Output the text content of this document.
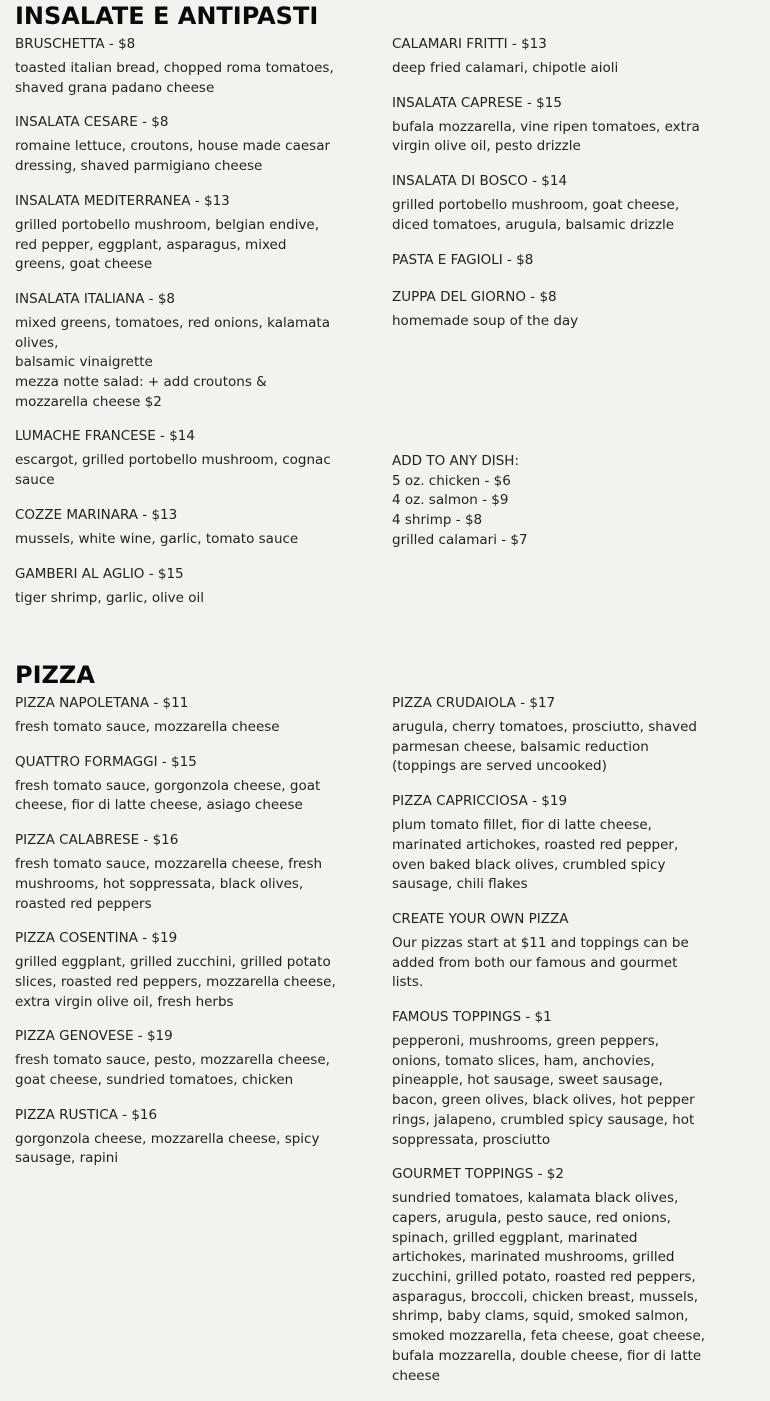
INSALATE E ANTIPASTI
BRUSCHETTA - $8
toasted italian bread, chopped roma tomatoes, shaved grana padano cheese
INSALATA CESARE - $8
romaine lettuce, croutons, house made caesar dressing, shaved parmigiano cheese
INSALATA MEDITERRANEA - $13
grilled portobello mushroom, belgian endive, red pepper, eggplant, asparagus, mixed greens, goat cheese
INSALATA ITALIANA - $8
mixed greens, tomatoes, red onions, kalamata olives,
balsamic vinaigrette
mezza notte salad: + add croutons & mozzarella cheese $2
LUMACHE FRANCESE - $14
escargot, grilled portobello mushroom, cognac sauce
COZZE MARINARA - $13
mussels, white wine, garlic, tomato sauce
GAMBERI AL AGLIO - $15
tiger shrimp, garlic, olive oil
CALAMARI FRITTI - $13
deep fried calamari, chipotle aioli
INSALATA CAPRESE - $15
bufala mozzarella, vine ripen tomatoes, extra virgin olive oil, pesto drizzle
INSALATA DI BOSCO - $14
grilled portobello mushroom, goat cheese, diced tomatoes, arugula, balsamic drizzle
PASTA E FAGIOLI - $8
ZUPPA DEL GIORNO - $8
homemade soup of the day
ADD TO ANY DISH:
5 oz. chicken - $6
4 oz. salmon - $9
4 shrimp - $8
grilled calamari - $7
PIZZA
PIZZA NAPOLETANA - $11
fresh tomato sauce, mozzarella cheese
QUATTRO FORMAGGI - $15
fresh tomato sauce, gorgonzola cheese, goat cheese, fior di latte cheese, asiago cheese
PIZZA CALABRESE - $16
fresh tomato sauce, mozzarella cheese, fresh mushrooms, hot soppressata, black olives, roasted red peppers
PIZZA COSENTINA - $19
grilled eggplant, grilled zucchini, grilled potato slices, roasted red peppers, mozzarella cheese, extra virgin olive oil, fresh herbs
PIZZA GENOVESE - $19
fresh tomato sauce, pesto, mozzarella cheese, goat cheese, sundried tomatoes, chicken
PIZZA RUSTICA - $16
gorgonzola cheese, mozzarella cheese, spicy sausage, rapini
PIZZA CRUDAIOLA - $17
arugula, cherry tomatoes, prosciutto, shaved parmesan cheese, balsamic reduction (toppings are served uncooked)
PIZZA CAPRICCIOSA - $19
plum tomato fillet, fior di latte cheese, marinated artichokes, roasted red pepper, oven baked black olives, crumbled spicy sausage, chili flakes
CREATE YOUR OWN PIZZA
Our pizzas start at $11 and toppings can be added from both our famous and gourmet lists.
FAMOUS TOPPINGS - $1
pepperoni, mushrooms, green peppers, onions, tomato slices, ham, anchovies, pineapple, hot sausage, sweet sausage, bacon, green olives, black olives, hot pepper rings, jalapeno, crumbled spicy sausage, hot soppressata, prosciutto
GOURMET TOPPINGS - $2
sundried tomatoes, kalamata black olives, capers, arugula, pesto sauce, red onions, spinach, grilled eggplant, marinated artichokes, marinated mushrooms, grilled zucchini, grilled potato, roasted red peppers, asparagus, broccoli, chicken breast, mussels, shrimp, baby clams, squid, smoked salmon, smoked mozzarella, feta cheese, goat cheese, bufala mozzarella, double cheese, fior di latte cheese
